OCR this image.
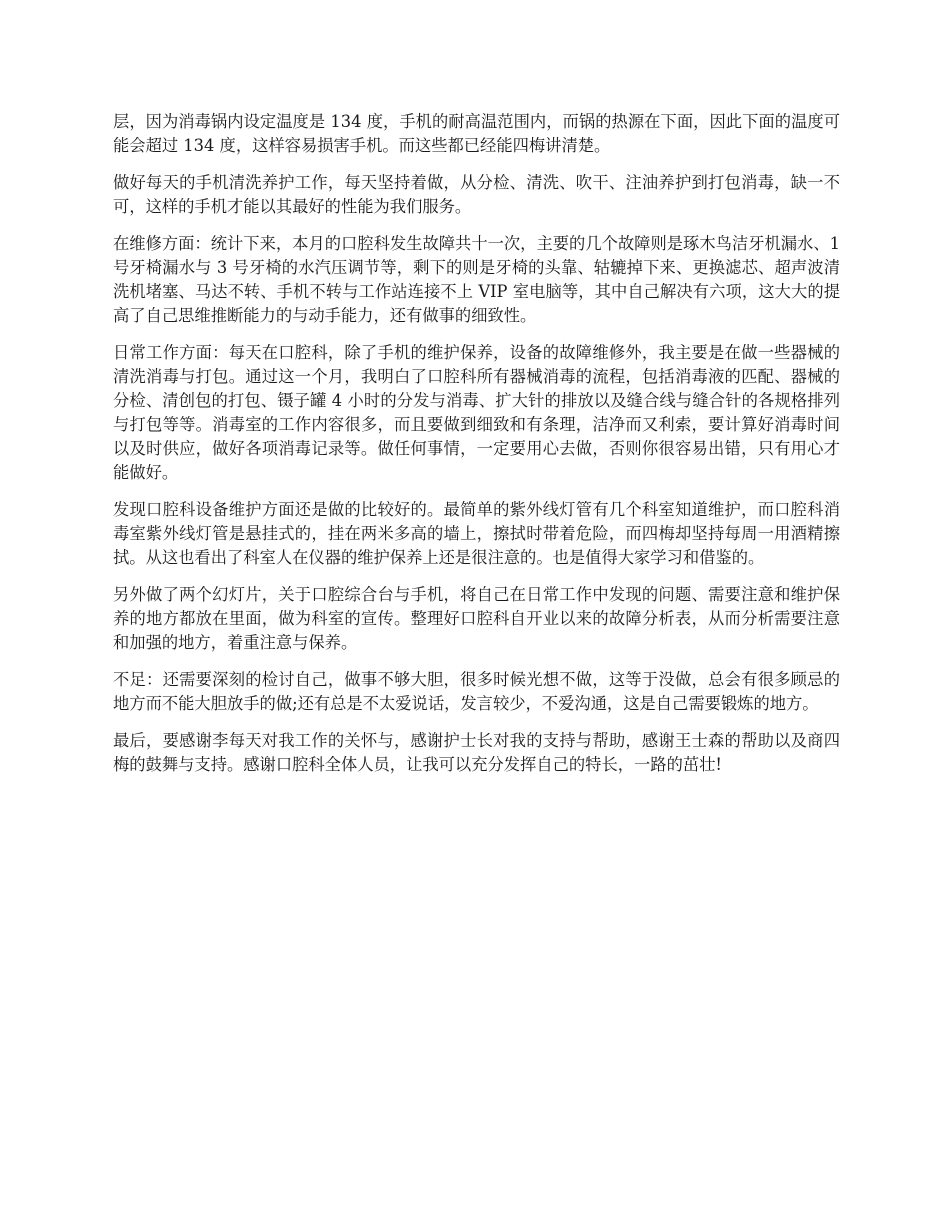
层，因为消毒锅内设定温度是 134 度，手机的耐高温范围内，而锅的热源在下面，因此下面的温度可能会超过 134 度，这样容易损害手机。而这些都已经能四梅讲清楚。

做好每天的手机清洗养护工作，每天坚持着做，从分检、清洗、吹干、注油养护到打包消毒，缺一不可，这样的手机才能以其最好的性能为我们服务。

在维修方面：统计下来，本月的口腔科发生故障共十一次，主要的几个故障则是琢木鸟洁牙机漏水、1 号牙椅漏水与 3 号牙椅的水汽压调节等，剩下的则是牙椅的头靠、轱辘掉下来、更换滤芯、超声波清洗机堵塞、马达不转、手机不转与工作站连接不上 VIP 室电脑等，其中自己解决有六项，这大大的提高了自己思维推断能力的与动手能力，还有做事的细致性。

日常工作方面：每天在口腔科，除了手机的维护保养，设备的故障维修外，我主要是在做一些器械的清洗消毒与打包。通过这一个月，我明白了口腔科所有器械消毒的流程，包括消毒液的匹配、器械的分检、清创包的打包、镊子罐 4 小时的分发与消毒、扩大针的排放以及缝合线与缝合针的各规格排列与打包等等。消毒室的工作内容很多，而且要做到细致和有条理，洁净而又利索，要计算好消毒时间以及时供应，做好各项消毒记录等。做任何事情，一定要用心去做，否则你很容易出错，只有用心才能做好。

发现口腔科设备维护方面还是做的比较好的。最简单的紫外线灯管有几个科室知道维护，而口腔科消毒室紫外线灯管是悬挂式的，挂在两米多高的墙上，擦拭时带着危险，而四梅却坚持每周一用酒精擦拭。从这也看出了科室人在仪器的维护保养上还是很注意的。也是值得大家学习和借鉴的。

另外做了两个幻灯片，关于口腔综合台与手机，将自己在日常工作中发现的问题、需要注意和维护保养的地方都放在里面，做为科室的宣传。整理好口腔科自开业以来的故障分析表，从而分析需要注意和加强的地方，着重注意与保养。

不足：还需要深刻的检讨自己，做事不够大胆，很多时候光想不做，这等于没做，总会有很多顾忌的地方而不能大胆放手的做;还有总是不太爱说话，发言较少，不爱沟通，这是自己需要锻炼的地方。

最后，要感谢李每天对我工作的关怀与，感谢护士长对我的支持与帮助，感谢王士森的帮助以及商四梅的鼓舞与支持。感谢口腔科全体人员，让我可以充分发挥自己的特长，一路的茁壮!
